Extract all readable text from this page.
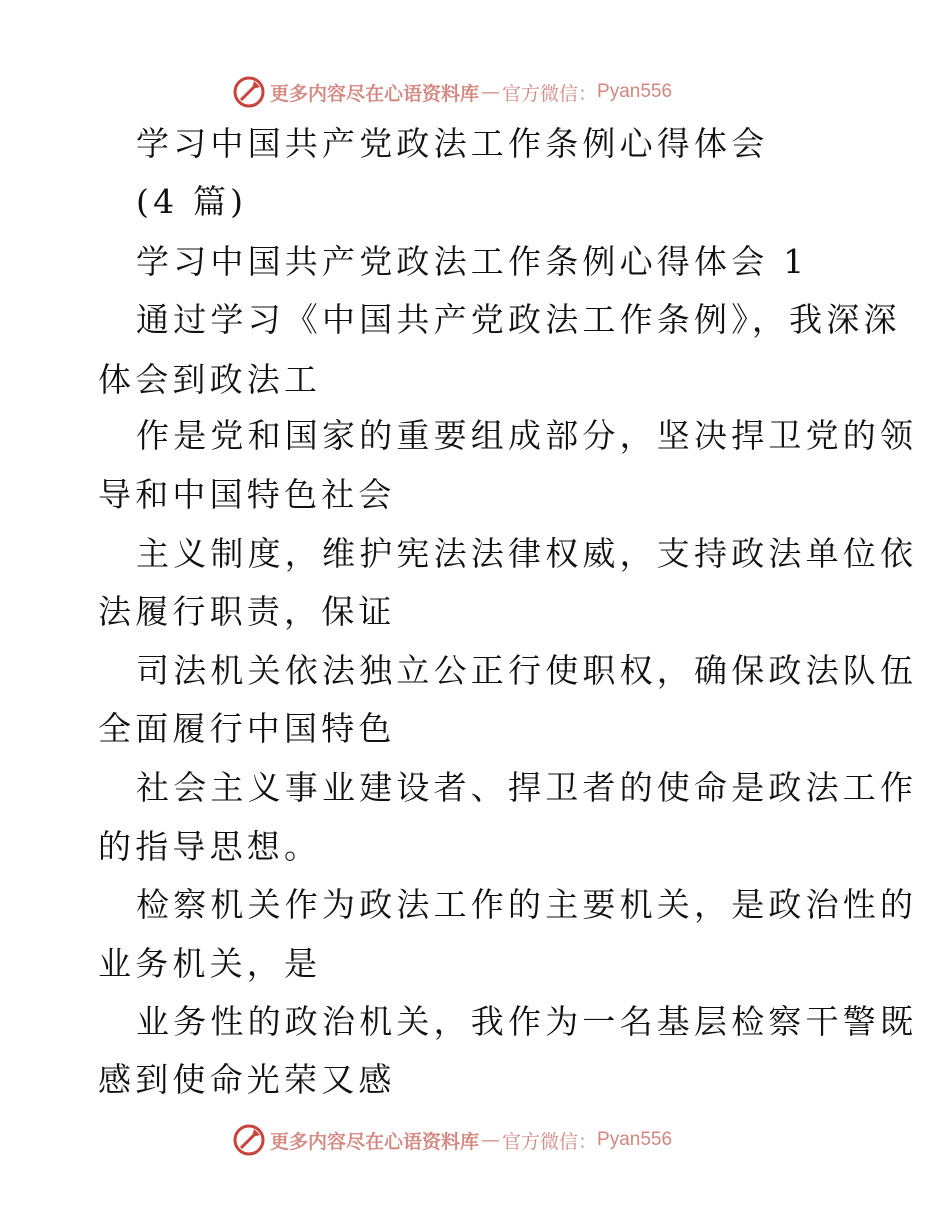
更多内容尽在心语资料库 — 官方微信： Pyan556
学习中国共产党政法工作条例心得体会
(4 篇)
学习中国共产党政法工作条例心得体会 1
通过学习《中国共产党政法工作条例》，我深深
体会到政法工
作是党和国家的重要组成部分，坚决捍卫党的领
导和中国特色社会
主义制度，维护宪法法律权威，支持政法单位依
法履行职责，保证
司法机关依法独立公正行使职权，确保政法队伍
全面履行中国特色
社会主义事业建设者、捍卫者的使命是政法工作
的指导思想。
检察机关作为政法工作的主要机关，是政治性的
业务机关，是
业务性的政治机关，我作为一名基层检察干警既
感到使命光荣又感
更多内容尽在心语资料库 — 官方微信： Pyan556
